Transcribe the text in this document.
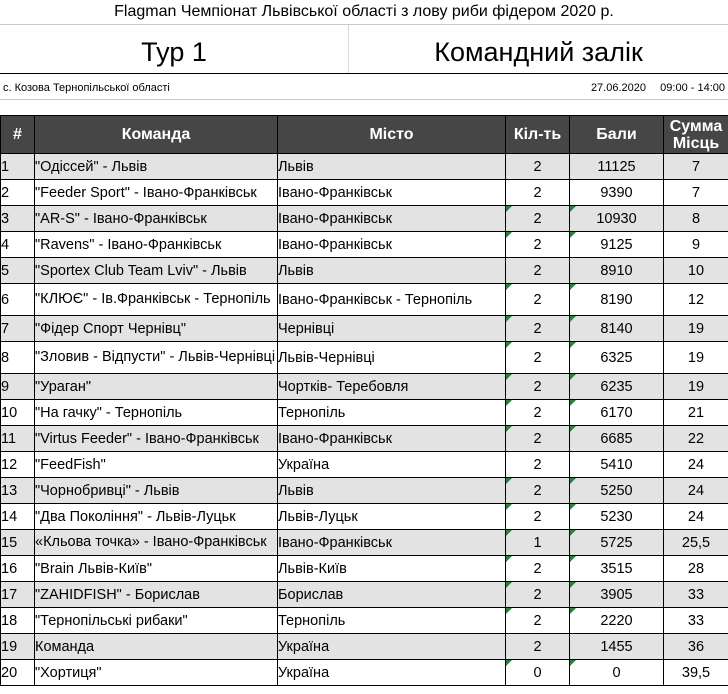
Flagman Чемпіонат Львівської області з лову риби фідером 2020 р.
Тур 1	Командний залік
с. Козова Тернопільської області	27.06.2020 09:00 - 14:00
#	Команда	Місто	Кіл-ть	Бали	Сумма Місць
1	"Одіссей" - Львів	Львів	2	11125	7
2	"Feeder Sport" - Івано-Франківськ	Івано-Франківськ	2	9390	7
3	"AR-S" - Івано-Франківськ	Івано-Франківськ	2	10930	8
4	"Ravens" - Івано-Франківськ	Івано-Франківськ	2	9125	9
5	"Sportex Club Team Lviv" - Львів	Львів	2	8910	10
6	"КЛЮЄ" - Ів.Франківськ - Тернопіль	Івано-Франківськ - Тернопіль	2	8190	12
7	"Фідер Спорт Чернівц"	Чернівці	2	8140	19
8	"Зловив - Відпусти" - Львів-Чернівці	Львів-Чернівці	2	6325	19
9	"Ураган"	Чортків- Теребовля	2	6235	19
10	"На гачку" - Тернопіль	Тернопіль	2	6170	21
11	"Virtus Feeder" - Івано-Франківськ	Івано-Франківськ	2	6685	22
12	"FeedFish"	Україна	2	5410	24
13	"Чорнобривці" - Львів	Львів	2	5250	24
14	"Два Покоління" - Львів-Луцьк	Львів-Луцьк	2	5230	24
15	«Кльова точка» - Івано-Франківськ	Івано-Франківськ	1	5725	25,5
16	"Brain Львів-Київ"	Львів-Київ	2	3515	28
17	"ZAHIDFISH" - Борислав	Борислав	2	3905	33
18	"Тернопільські рибаки"	Тернопіль	2	2220	33
19	Команда	Україна	2	1455	36
20	"Хортиця"	Україна	0	0	39,5
